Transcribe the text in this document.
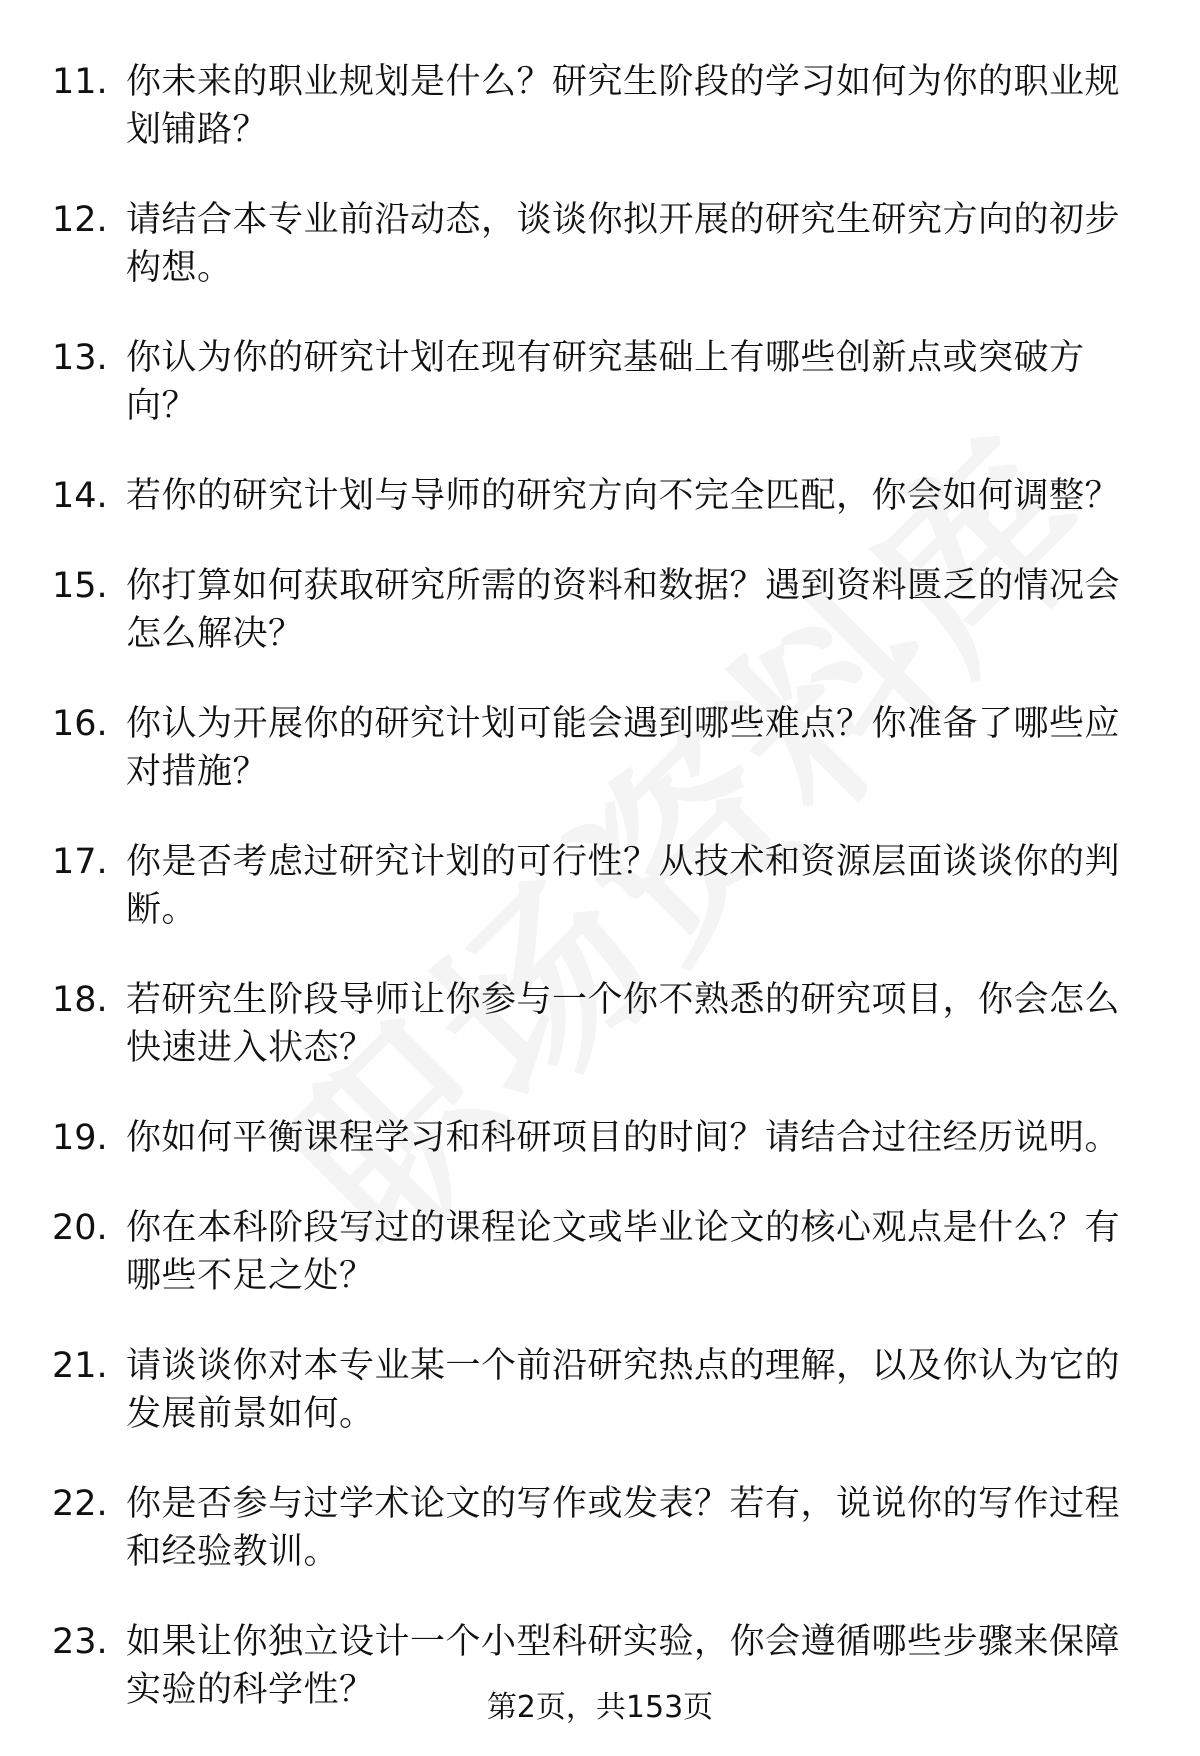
11. 你未来的职业规划是什么？研究生阶段的学习如何为你的职业规划铺路？
12. 请结合本专业前沿动态，谈谈你拟开展的研究生研究方向的初步构想。
13. 你认为你的研究计划在现有研究基础上有哪些创新点或突破方向？
14. 若你的研究计划与导师的研究方向不完全匹配，你会如何调整？
15. 你打算如何获取研究所需的资料和数据？遇到资料匮乏的情况会怎么解决？
16. 你认为开展你的研究计划可能会遇到哪些难点？你准备了哪些应对措施？
17. 你是否考虑过研究计划的可行性？从技术和资源层面谈谈你的判断。
18. 若研究生阶段导师让你参与一个你不熟悉的研究项目，你会怎么快速进入状态？
19. 你如何平衡课程学习和科研项目的时间？请结合过往经历说明。
20. 你在本科阶段写过的课程论文或毕业论文的核心观点是什么？有哪些不足之处？
21. 请谈谈你对本专业某一个前沿研究热点的理解，以及你认为它的发展前景如何。
22. 你是否参与过学术论文的写作或发表？若有，说说你的写作过程和经验教训。
23. 如果让你独立设计一个小型科研实验，你会遵循哪些步骤来保障实验的科学性？	第2页，共153页
